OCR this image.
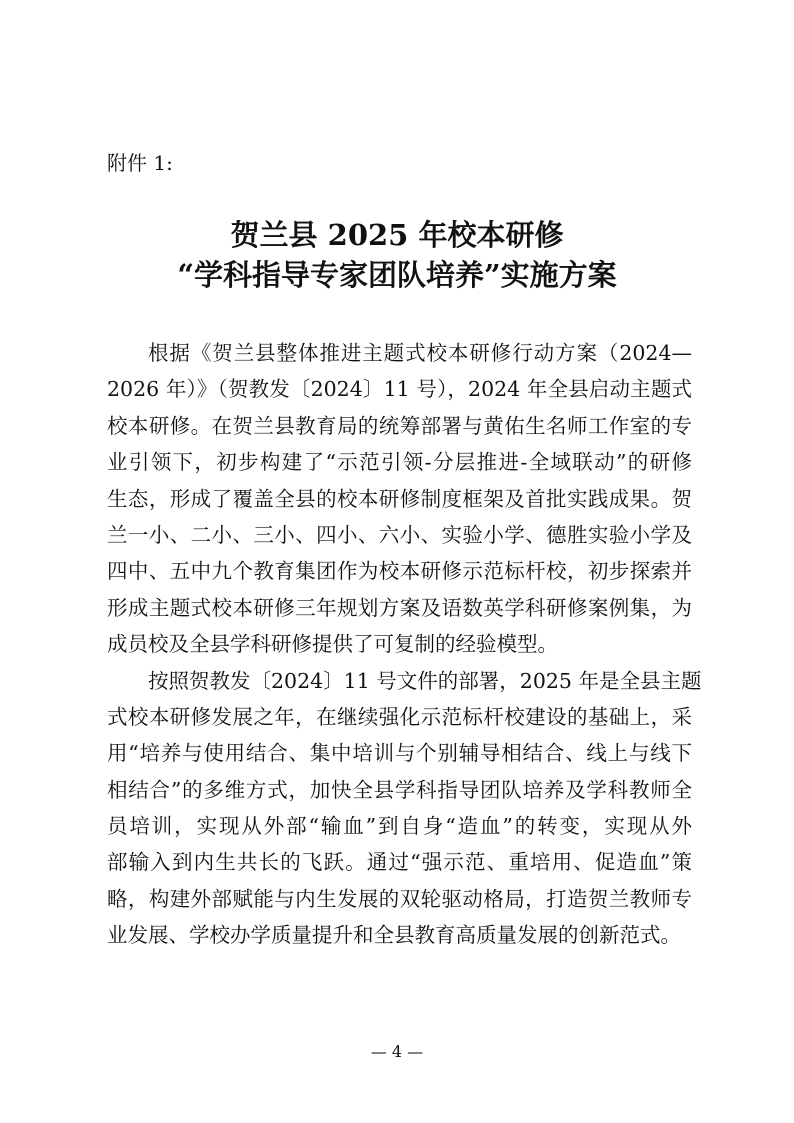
附件 1:
贺兰县 2025 年校本研修
“学科指导专家团队培养”实施方案
根据《贺兰县整体推进主题式校本研修行动方案（2024—
2026 年）》（贺教发〔2024〕11 号），2024 年全县启动主题式
校本研修。在贺兰县教育局的统筹部署与黄佑生名师工作室的专
业引领下，初步构建了“示范引领-分层推进-全域联动”的研修
生态，形成了覆盖全县的校本研修制度框架及首批实践成果。贺
兰一小、二小、三小、四小、六小、实验小学、德胜实验小学及
四中、五中九个教育集团作为校本研修示范标杆校，初步探索并
形成主题式校本研修三年规划方案及语数英学科研修案例集，为
成员校及全县学科研修提供了可复制的经验模型。
按照贺教发〔2024〕11 号文件的部署，2025 年是全县主题
式校本研修发展之年，在继续强化示范标杆校建设的基础上，采
用“培养与使用结合、集中培训与个别辅导相结合、线上与线下
相结合”的多维方式，加快全县学科指导团队培养及学科教师全
员培训，实现从外部“输血”到自身“造血”的转变，实现从外
部输入到内生共长的飞跃。通过“强示范、重培用、促造血”策
略，构建外部赋能与内生发展的双轮驱动格局，打造贺兰教师专
业发展、学校办学质量提升和全县教育高质量发展的创新范式。
— 4 —
